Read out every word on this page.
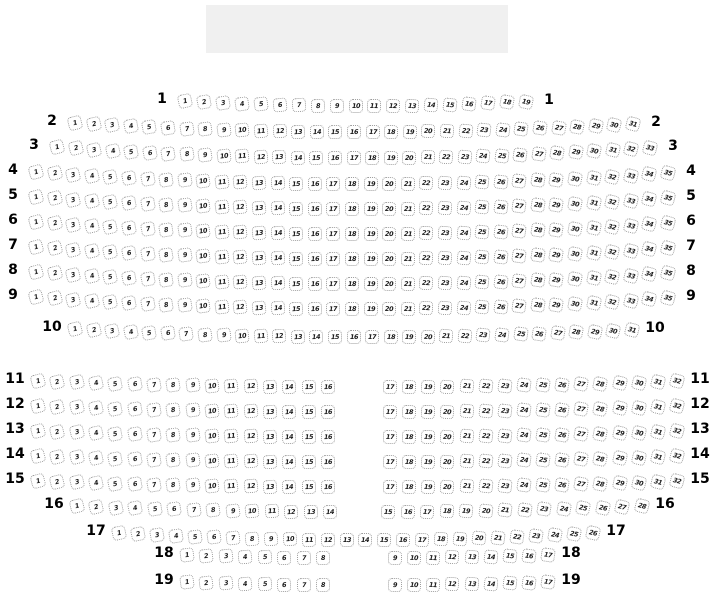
1	2	3	4	5	6	7	8	9	10	11	12	13	14	15	16	17	18	19
1	1
1	2	3	4	5	6	7	8	9	10	11	12	13	14	15	16	17	18	19	20	21	22	23	24	25	26	27	28	29	30	31
2	2
1	2	3	4	5	6	7	8	9	10	11	12	13	14	15	16	17	18	19	20	21	22	23	24	25	26	27	28	29	30	31	32	33
3	3
1	2	3	4	5	6	7	8	9	10	11	12	13	14	15	16	17	18	19	20	21	22	23	24	25	26	27	28	29	30	31	32	33	34	35
4	4
1	2	3	4	5	6	7	8	9	10	11	12	13	14	15	16	17	18	19	20	21	22	23	24	25	26	27	28	29	30	31	32	33	34	35
5	5
1	2	3	4	5	6	7	8	9	10	11	12	13	14	15	16	17	18	19	20	21	22	23	24	25	26	27	28	29	30	31	32	33	34	35
6	6
1	2	3	4	5	6	7	8	9	10	11	12	13	14	15	16	17	18	19	20	21	22	23	24	25	26	27	28	29	30	31	32	33	34	35
7	7
1	2	3	4	5	6	7	8	9	10	11	12	13	14	15	16	17	18	19	20	21	22	23	24	25	26	27	28	29	30	31	32	33	34	35
8	8
1	2	3	4	5	6	7	8	9	10	11	12	13	14	15	16	17	18	19	20	21	22	23	24	25	26	27	28	29	30	31	32	33	34	35
9	9
1	2	3	4	5	6	7	8	9	10	11	12	13	14	15	16	17	18	19	20	21	22	23	24	25	26	27	28	29	30	31
10	10
1	2	3	4	5	6	7	8	9	10	11	12	13	14	15	16	17	18	19	20	21	22	23	24	25	26	27	28	29	30	31	32
11	11
1	2	3	4	5	6	7	8	9	10	11	12	13	14	15	16	17	18	19	20	21	22	23	24	25	26	27	28	29	30	31	32
12	12
1	2	3	4	5	6	7	8	9	10	11	12	13	14	15	16	17	18	19	20	21	22	23	24	25	26	27	28	29	30	31	32
13	13
1	2	3	4	5	6	7	8	9	10	11	12	13	14	15	16	17	18	19	20	21	22	23	24	25	26	27	28	29	30	31	32
14	14
1	2	3	4	5	6	7	8	9	10	11	12	13	14	15	16	17	18	19	20	21	22	23	24	25	26	27	28	29	30	31	32
15	15
1	2	3	4	5	6	7	8	9	10	11	12	13	14	15	16	17	18	19	20	21	22	23	24	25	26	27	28
16	16
1	2	3	4	5	6	7	8	9	10	11	12	13	14	15	16	17	18	19	20	21	22	23	24	25	26
17	17
1	2	3	4	5	6	7	8	9	10	11	12	13	14	15	16	17
18	18
1	2	3	4	5	6	7	8	9	10	11	12	13	14	15	16	17
19	19
